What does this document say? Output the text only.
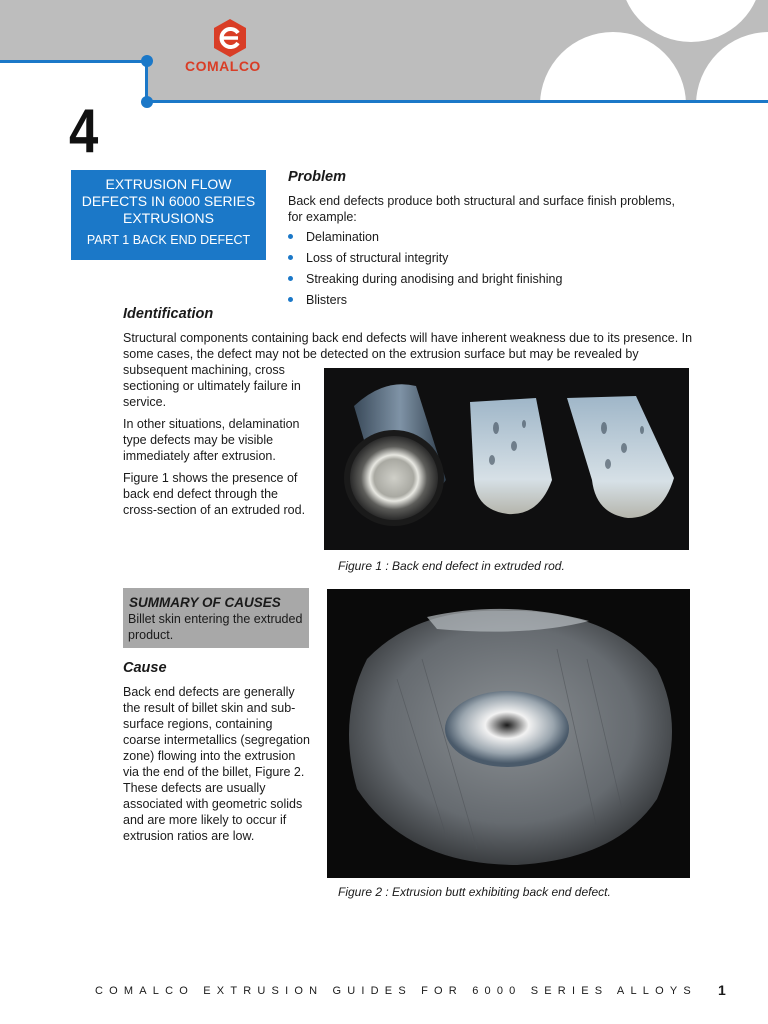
COMALCO
4
EXTRUSION FLOW DEFECTS IN 6000 SERIES EXTRUSIONS
PART 1 BACK END DEFECT
Problem
Back end defects produce both structural and surface finish problems, for example:
Delamination
Loss of structural integrity
Streaking during anodising and bright finishing
Blisters
Identification
Structural components containing back end defects will have inherent weakness due to its presence. In some cases, the defect may not be detected on the extrusion surface but may be revealed by

subsequent machining, cross sectioning or ultimately failure in service.

In other situations, delamination type defects may be visible immediately after extrusion.

Figure 1 shows the presence of back end defect through the cross-section of an extruded rod.

Figure 1 : Back end defect in extruded rod.
SUMMARY OF CAUSES
Billet skin entering the extruded product.
Cause
Back end defects are generally the result of billet skin and sub-surface regions, containing coarse intermetallics (segregation zone) flowing into the extrusion via the end of the billet, Figure 2. These defects are usually associated with geometric solids and are more likely to occur if extrusion ratios are low.
Figure 2 : Extrusion butt exhibiting back end defect.
COMALCO EXTRUSION GUIDES FOR 6000 SERIES ALLOYS 1
